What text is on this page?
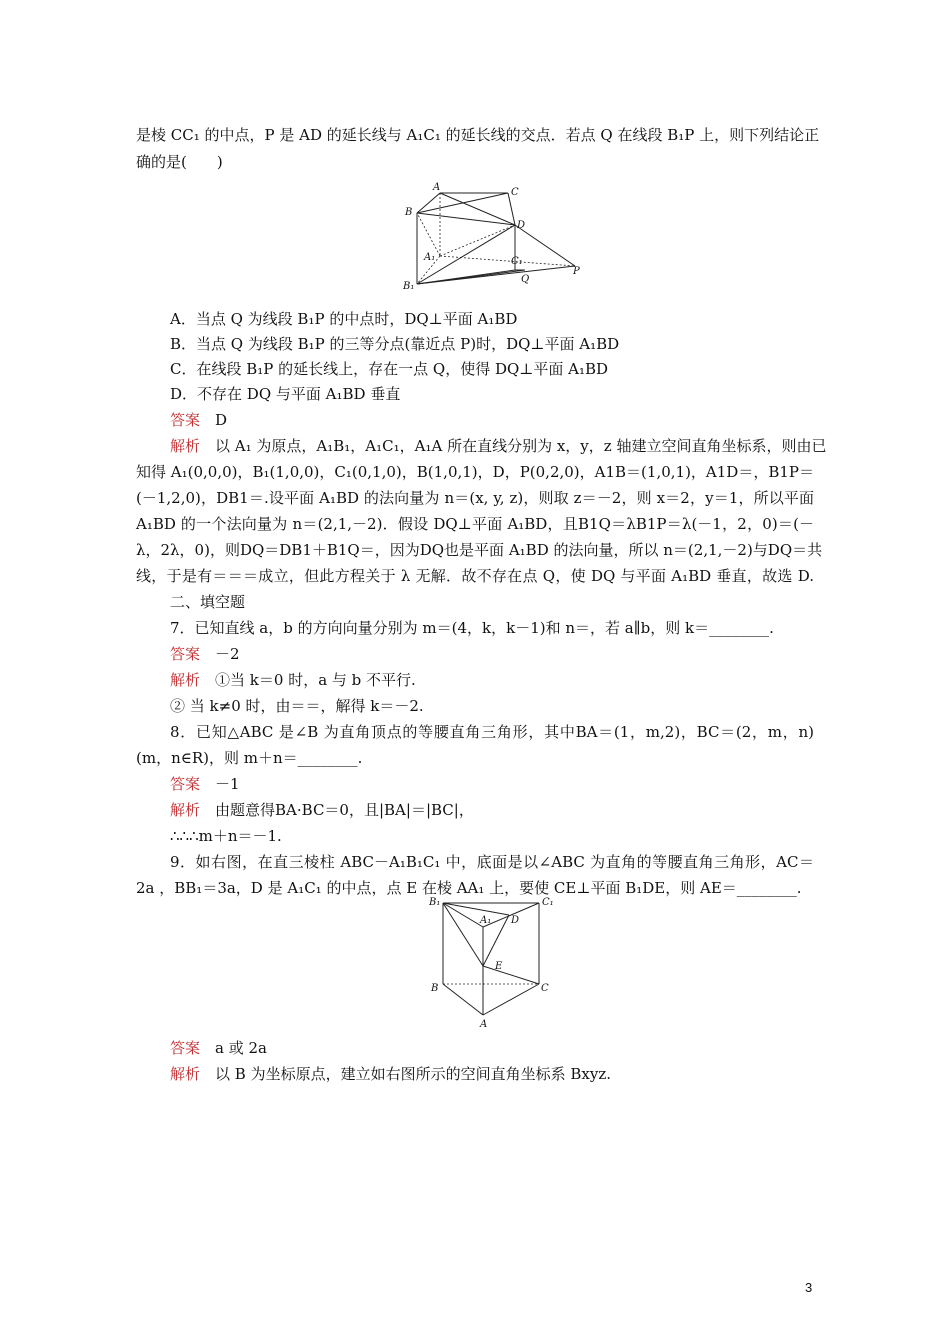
是棱 CC₁ 的中点，P 是 AD 的延长线与 A₁C₁ 的延长线的交点．若点 Q 在线段 B₁P 上，则下列结论正
确的是(　　)
A	C
B
D
A₁	C₁
B₁
Q
P
A．当点 Q 为线段 B₁P 的中点时，DQ⊥平面 A₁BD
B．当点 Q 为线段 B₁P 的三等分点(靠近点 P)时，DQ⊥平面 A₁BD
C．在线段 B₁P 的延长线上，存在一点 Q，使得 DQ⊥平面 A₁BD
D．不存在 DQ 与平面 A₁BD 垂直
答案　 D
解析　 以 A₁ 为原点，A₁B₁，A₁C₁，A₁A 所在直线分别为 x，y，z 轴建立空间直角坐标系，则由已
知得 A₁(0,0,0)，B₁(1,0,0)，C₁(0,1,0)，B(1,0,1)，D，P(0,2,0)，A1B＝(1,0,1)，A1D＝，B1P＝
(－1,2,0)，DB1＝.设平面 A₁BD 的法向量为 n＝(x, y, z)，则取 z＝－2，则 x＝2，y＝1，所以平面
A₁BD 的一个法向量为 n＝(2,1,－2)．假设 DQ⊥平面 A₁BD，且B1Q＝λB1P＝λ(－1，2，0)＝(－
λ，2λ，0)，则DQ＝DB1＋B1Q＝，因为DQ也是平面 A₁BD 的法向量，所以 n＝(2,1,－2)与DQ＝共
线，于是有＝＝＝成立，但此方程关于 λ 无解．故不存在点 Q，使 DQ 与平面 A₁BD 垂直，故选 D.
二、填空题
7．已知直线 a，b 的方向向量分别为 m＝(4，k，k－1)和 n＝，若 a∥b，则 k＝________.
答案　 －2
解析　 ①当 k＝0 时，a 与 b 不平行.
② 当 k≠0 时，由＝＝，解得 k＝－2.
8．已知△ABC 是∠B 为直角顶点的等腰直角三角形，其中BA＝(1，m,2)，BC＝(2，m，n)
(m，n∈R)，则 m＋n＝________.
答案　 －1
解析　 由题意得BA·BC＝0，且|BA|＝|BC|，
∴∴∴m＋n＝－1.
9．如右图，在直三棱柱 ABC－A₁B₁C₁ 中，底面是以∠ABC 为直角的等腰直角三角形，AC＝
2a ，BB₁＝3a，D 是 A₁C₁ 的中点，点 E 在棱 AA₁ 上，要使 CE⊥平面 B₁DE，则 AE＝________.
B₁	C₁
A₁ D
E
B	C
A
答案　 a 或 2a
解析　 以 B 为坐标原点，建立如右图所示的空间直角坐标系 Bxyz.
3
